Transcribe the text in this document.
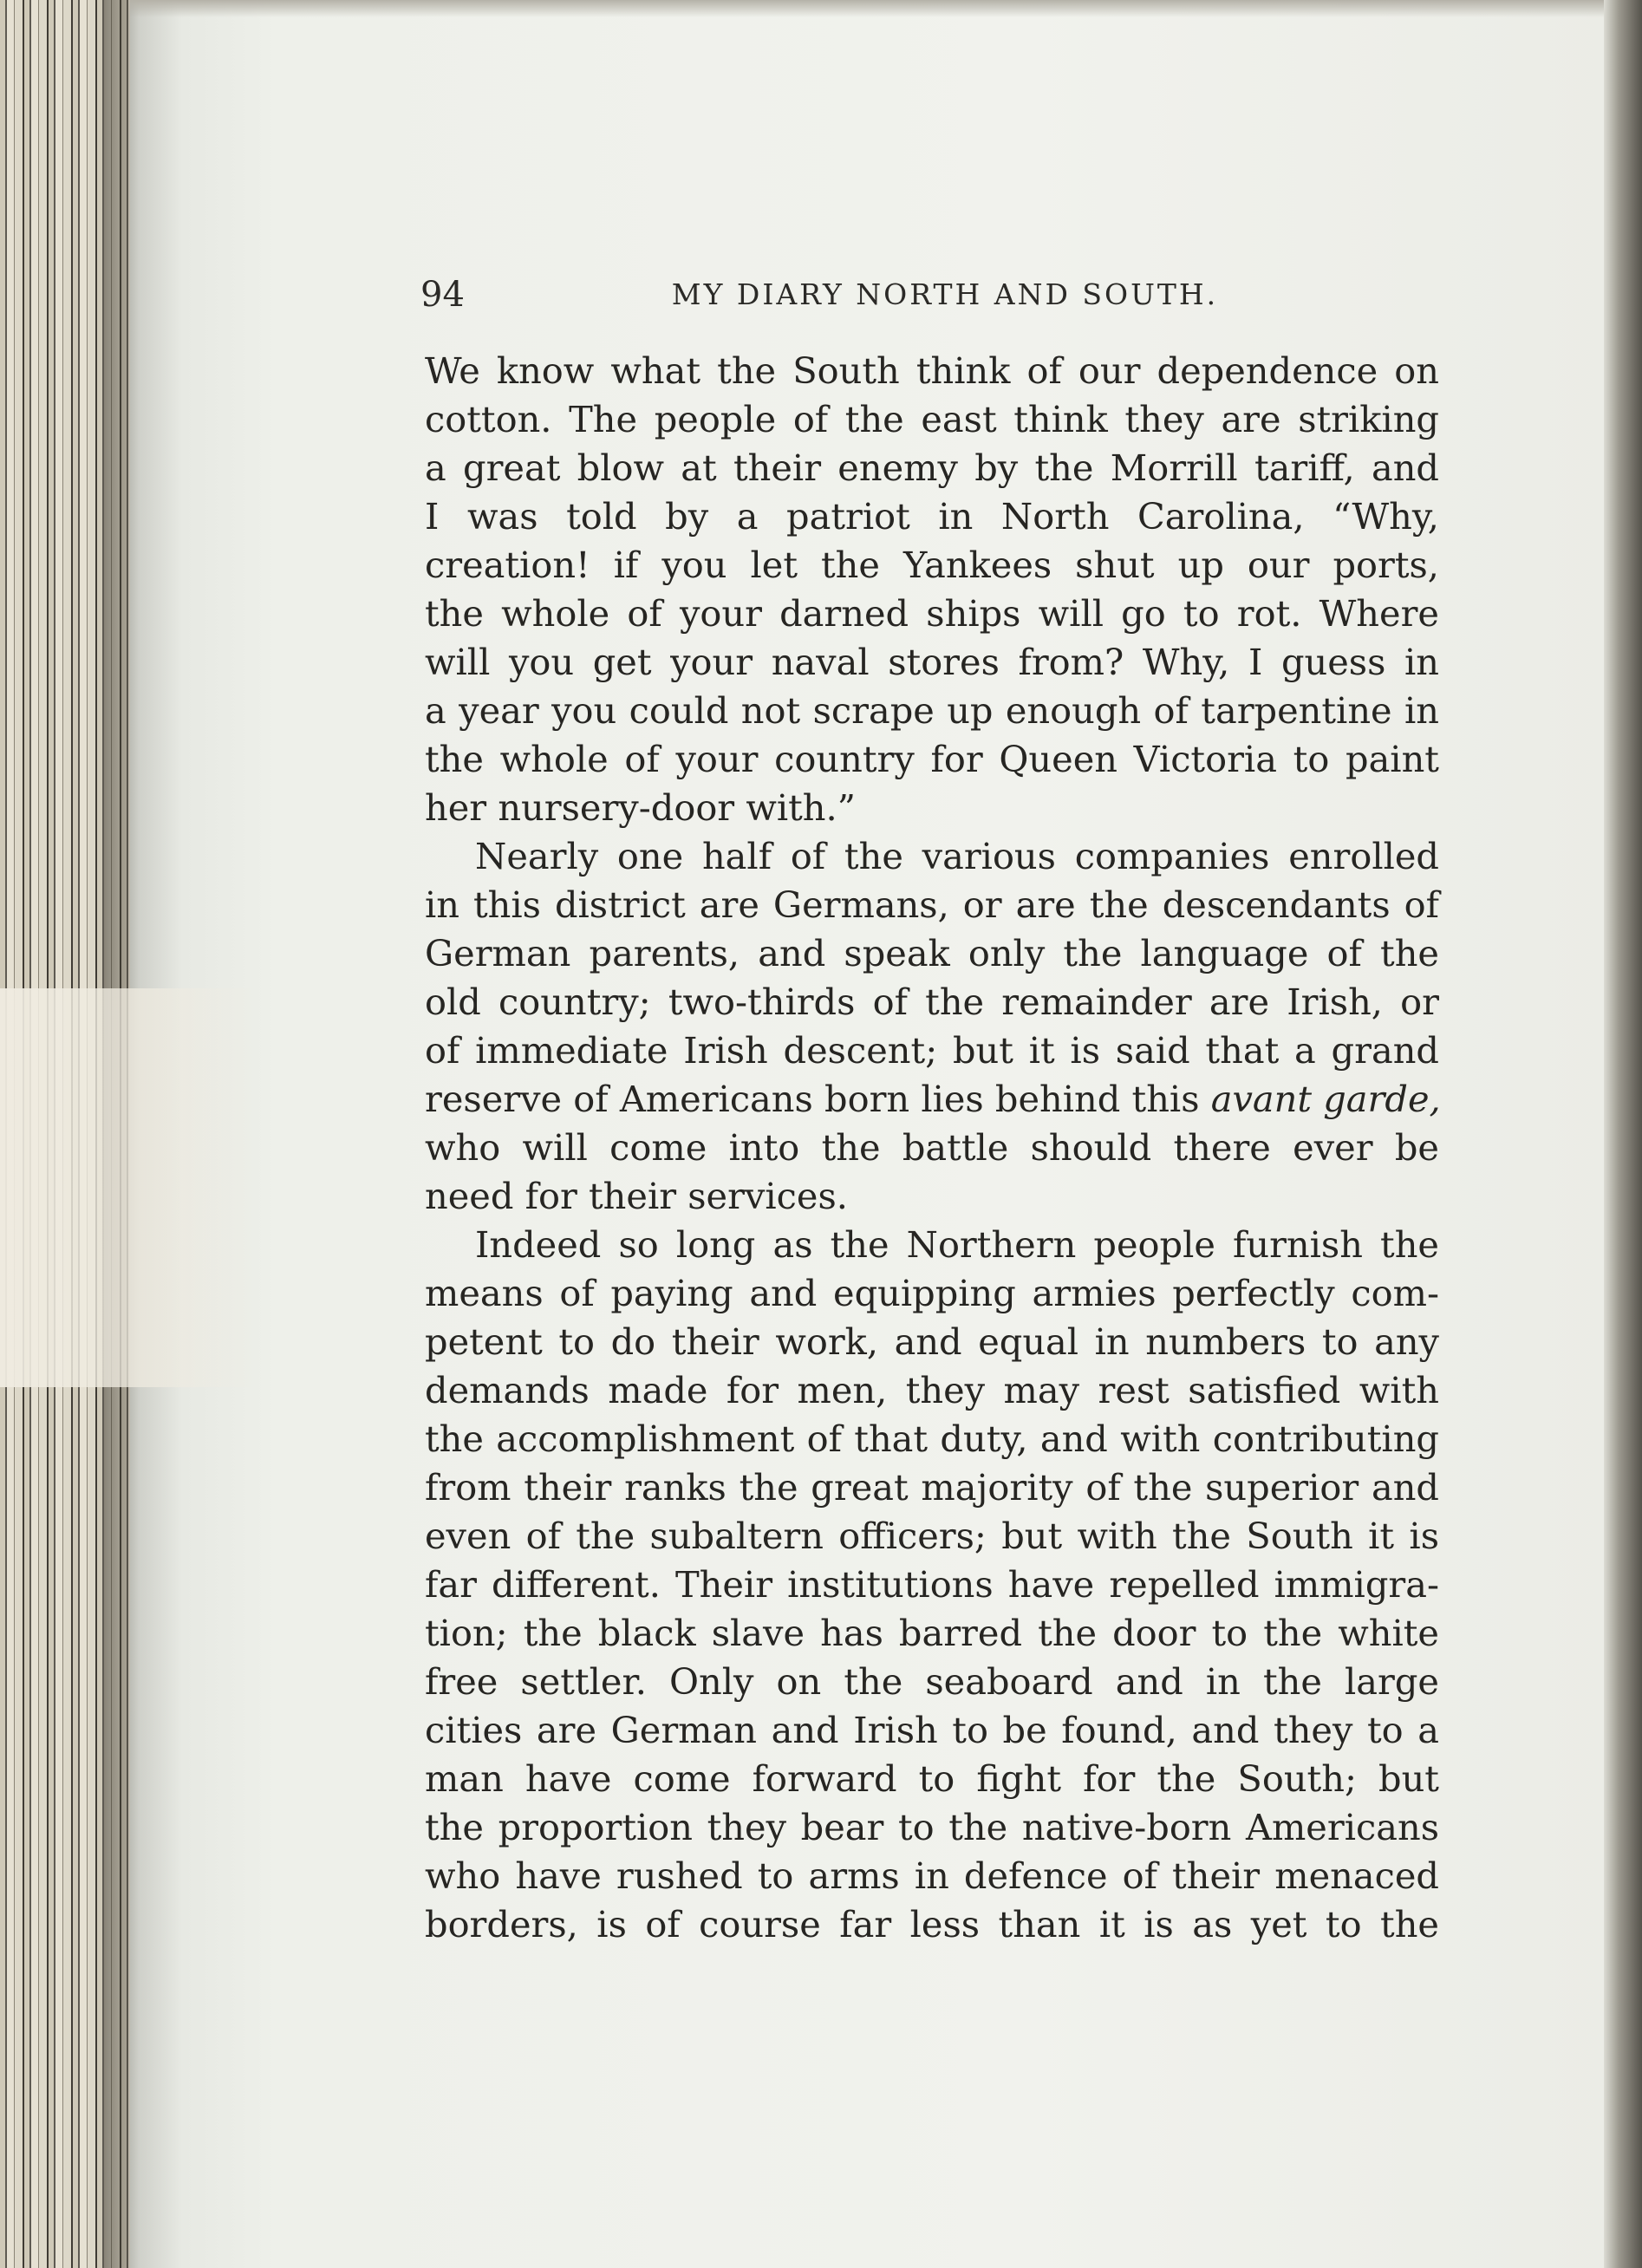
94	MY DIARY NORTH AND SOUTH.
We know what the South think of our dependence on
cotton. The people of the east think they are striking
a great blow at their enemy by the Morrill tariff, and
I was told by a patriot in North Carolina, “Why,
creation! if you let the Yankees shut up our ports,
the whole of your darned ships will go to rot. Where
will you get your naval stores from? Why, I guess in
a year you could not scrape up enough of tarpentine in
the whole of your country for Queen Victoria to paint
her nursery-door with.”
Nearly one half of the various companies enrolled
in this district are Germans, or are the descendants of
German parents, and speak only the language of the
old country; two-thirds of the remainder are Irish, or
of immediate Irish descent; but it is said that a grand
reserve of Americans born lies behind this avant garde,
who will come into the battle should there ever be
need for their services.
Indeed so long as the Northern people furnish the
means of paying and equipping armies perfectly com-
petent to do their work, and equal in numbers to any
demands made for men, they may rest satisfied with
the accomplishment of that duty, and with contributing
from their ranks the great majority of the superior and
even of the subaltern officers; but with the South it is
far different. Their institutions have repelled immigra-
tion; the black slave has barred the door to the white
free settler. Only on the seaboard and in the large
cities are German and Irish to be found, and they to a
man have come forward to fight for the South; but
the proportion they bear to the native-born Americans
who have rushed to arms in defence of their menaced
borders, is of course far less than it is as yet to the
